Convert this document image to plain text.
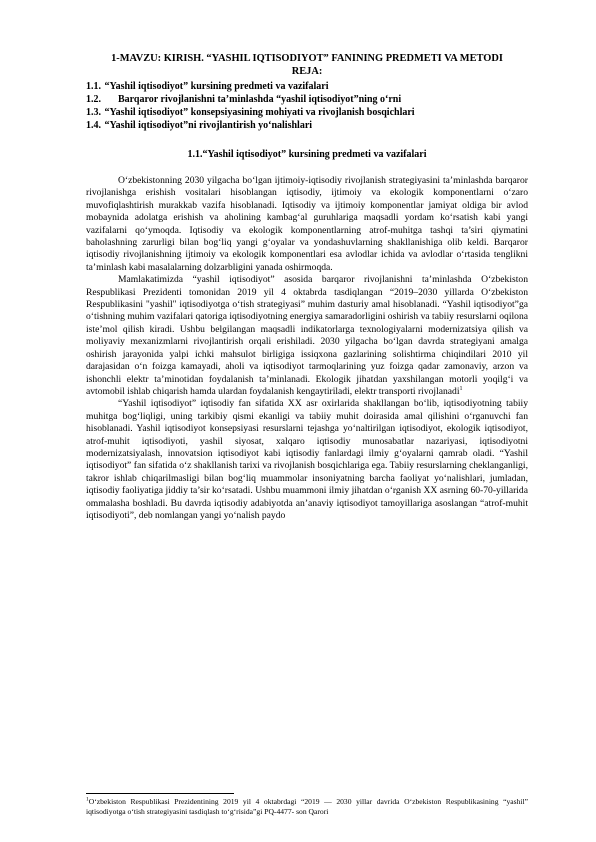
1-MAVZU: KIRISH. “YASHIL IQTISODIYOT” FANINING PREDMETI VA METODI

REJA:

1.1. “Yashil iqtisodiyot” kursining predmeti va vazifalari
1.2. Barqaror rivojlanishni ta’minlashda “yashil iqtisodiyot”ning o‘rni
1.3. “Yashil iqtisodiyot” konsepsiyasining mohiyati va rivojlanish bosqichlari
1.4. “Yashil iqtisodiyot”ni rivojlantirish yo‘nalishlari

1.1.“Yashil iqtisodiyot” kursining predmeti va vazifalari

O‘zbekistonning 2030 yilgacha bo‘lgan ijtimoiy-iqtisodiy rivojlanish strategiyasini ta’minlashda barqaror rivojlanishga erishish vositalari hisoblangan iqtisodiy, ijtimoiy va ekologik komponentlarni o‘zaro muvofiqlashtirish murakkab vazifa hisoblanadi. Iqtisodiy va ijtimoiy komponentlar jamiyat oldiga bir avlod mobaynida adolatga erishish va aholining kambag‘al guruhlariga maqsadli yordam ko‘rsatish kabi yangi vazifalarni qo‘ymoqda. Iqtisodiy va ekologik komponentlarning atrof-muhitga tashqi ta’siri qiymatini baholashning zarurligi bilan bog‘liq yangi g‘oyalar va yondashuvlarning shakllanishiga olib keldi. Barqaror iqtisodiy rivojlanishning ijtimoiy va ekologik komponentlari esa avlodlar ichida va avlodlar o‘rtasida tenglikni ta’minlash kabi masalalarning dolzarbligini yanada oshirmoqda.

Mamlakatimizda “yashil iqtisodiyot” asosida barqaror rivojlanishni ta’minlashda O‘zbekiston Respublikasi Prezidenti tomonidan 2019 yil 4 oktabrda tasdiqlangan “2019–2030 yillarda O‘zbekiston Respublikasini "yashil" iqtisodiyotga o‘tish strategiyasi” muhim dasturiy amal hisoblanadi. “Yashil iqtisodiyot”ga o‘tishning muhim vazifalari qatoriga iqtisodiyotning energiya samaradorligini oshirish va tabiiy resurslarni oqilona iste’mol qilish kiradi. Ushbu belgilangan maqsadli indikatorlarga texnologiyalarni modernizatsiya qilish va moliyaviy mexanizmlarni rivojlantirish orqali erishiladi. 2030 yilgacha bo‘lgan davrda strategiyani amalga oshirish jarayonida yalpi ichki mahsulot birligiga issiqxona gazlarining solishtirma chiqindilari 2010 yil darajasidan o‘n foizga kamayadi, aholi va iqtisodiyot tarmoqlarining yuz foizga qadar zamonaviy, arzon va ishonchli elektr ta’minotidan foydalanish ta’minlanadi. Ekologik jihatdan yaxshilangan motorli yoqilg‘i va avtomobil ishlab chiqarish hamda ulardan foydalanish kengaytiriladi, elektr transporti rivojlanadi$^1$

“Yashil iqtisodiyot” iqtisodiy fan sifatida XX asr oxirlarida shakllangan bo‘lib, iqtisodiyotning tabiiy muhitga bog‘liqligi, uning tarkibiy qismi ekanligi va tabiiy muhit doirasida amal qilishini o‘rganuvchi fan hisoblanadi. Yashil iqtisodiyot konsepsiyasi resurslarni tejashga yo‘naltirilgan iqtisodiyot, ekologik iqtisodiyot, atrof-muhit iqtisodiyoti, yashil siyosat, xalqaro iqtisodiy munosabatlar nazariyasi, iqtisodiyotni modernizatsiyalash, innovatsion iqtisodiyot kabi iqtisodiy fanlardagi ilmiy g‘oyalarni qamrab oladi. “Yashil iqtisodiyot” fan sifatida o‘z shakllanish tarixi va rivojlanish bosqichlariga ega. Tabiiy resurslarning cheklanganligi, takror ishlab chiqarilmasligi bilan bog‘liq muammolar insoniyatning barcha faoliyat yo‘nalishlari, jumladan, iqtisodiy faoliyatiga jiddiy ta’sir ko‘rsatadi. Ushbu muammoni ilmiy jihatdan o‘rganish XX asrning 60-70-yillarida ommalasha boshladi. Bu davrda iqtisodiy adabiyotda an’anaviy iqtisodiyot tamoyillariga asoslangan “atrof-muhit iqtisodiyoti”, deb nomlangan yangi yo‘nalish paydo

$^1$O‘zbekiston Respublikasi Prezidentining 2019 yil 4 oktabrdagi “2019 — 2030 yillar davrida O‘zbekiston Respublikasining “yashil” iqtisodiyotga o‘tish strategiyasini tasdiqlash to‘g‘risida”gi PQ-4477- son Qarori
